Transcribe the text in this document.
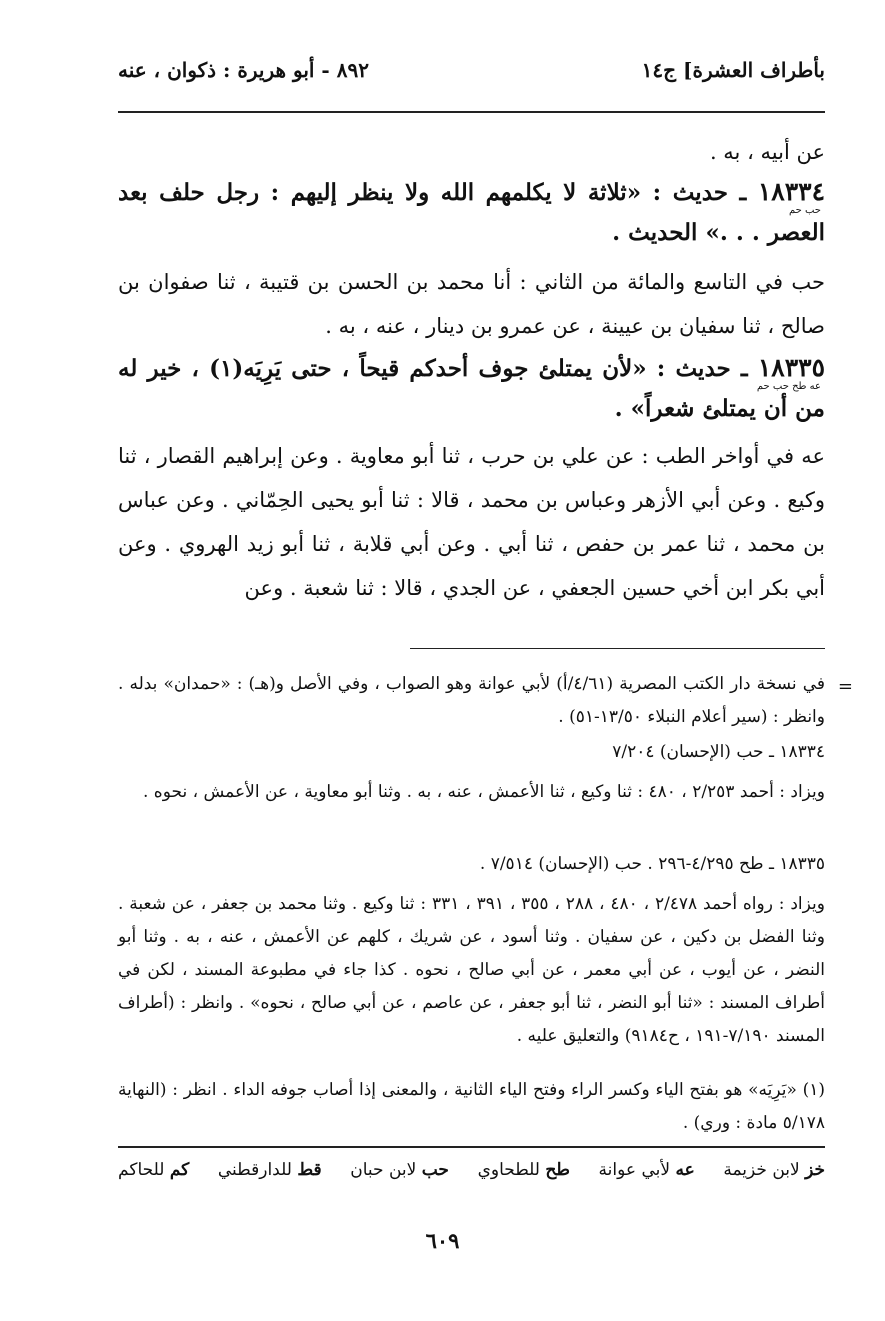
بأطراف العشرة] ج١٤
٨٩٢ - أبو هريرة : ذكوان ، عنه

عن أبيه ، به .

١٨٣٣٤ ـ حديث : «ثلاثة لا يكلمهم الله ولا ينظر إليهم : رجل حلف بعد العصر . . .» الحديث .
حب حم

حب في التاسع والمائة من الثاني : أنا محمد بن الحسن بن قتيبة ، ثنا صفوان بن صالح ، ثنا سفيان بن عيينة ، عن عمرو بن دينار ، عنه ، به .

١٨٣٣٥ ـ حديث : «لأن يمتلئ جوف أحدكم قيحاً ، حتى يَرِيَه(١) ، خير له من أن يمتلئ شعراً» .
عه طح حب حم

عه في أواخر الطب : عن علي بن حرب ، ثنا أبو معاوية . وعن إبراهيم القصار ، ثنا وكيع . وعن أبي الأزهر وعباس بن محمد ، قالا : ثنا أبو يحيى الحِمّاني . وعن عباس بن محمد ، ثنا عمر بن حفص ، ثنا أبي . وعن أبي قلابة ، ثنا أبو زيد الهروي . وعن أبي بكر ابن أخي حسين الجعفي ، عن الجدي ، قالا : ثنا شعبة . وعن

=

في نسخة دار الكتب المصرية (٤/٦١/أ) لأبي عوانة وهو الصواب ، وفي الأصل و(هـ) : «حمدان» بدله . وانظر : (سير أعلام النبلاء ١٣/٥٠-٥١) .

١٨٣٣٤ ـ حب (الإحسان) ٧/٢٠٤

ويزاد : أحمد ٢/٢٥٣ ، ٤٨٠ : ثنا وكيع ، ثنا الأعمش ، عنه ، به . وثنا أبو معاوية ، عن الأعمش ، نحوه .

١٨٣٣٥ ـ طح ٤/٢٩٥-٢٩٦ . حب (الإحسان) ٧/٥١٤ .

ويزاد : رواه أحمد ٢/٤٧٨ ، ٤٨٠ ، ٢٨٨ ، ٣٥٥ ، ٣٩١ ، ٣٣١ : ثنا وكيع . وثنا محمد بن جعفر ، عن شعبة . وثنا الفضل بن دكين ، عن سفيان . وثنا أسود ، عن شريك ، كلهم عن الأعمش ، عنه ، به . وثنا أبو النضر ، عن أيوب ، عن أبي معمر ، عن أبي صالح ، نحوه . كذا جاء في مطبوعة المسند ، لكن في أطراف المسند : «ثنا أبو النضر ، ثنا أبو جعفر ، عن عاصم ، عن أبي صالح ، نحوه» . وانظر : (أطراف المسند ٧/١٩٠-١٩١ ، ح٩١٨٤) والتعليق عليه .

(١) «يَرِيَه» هو بفتح الياء وكسر الراء وفتح الياء الثانية ، والمعنى إذا أصاب جوفه الداء . انظر : (النهاية ٥/١٧٨ مادة : وري) .

خز لابن خزيمة
عه لأبي عوانة
طح للطحاوي
حب لابن حبان
قط للدارقطني
كم للحاكم
٦٠٩
